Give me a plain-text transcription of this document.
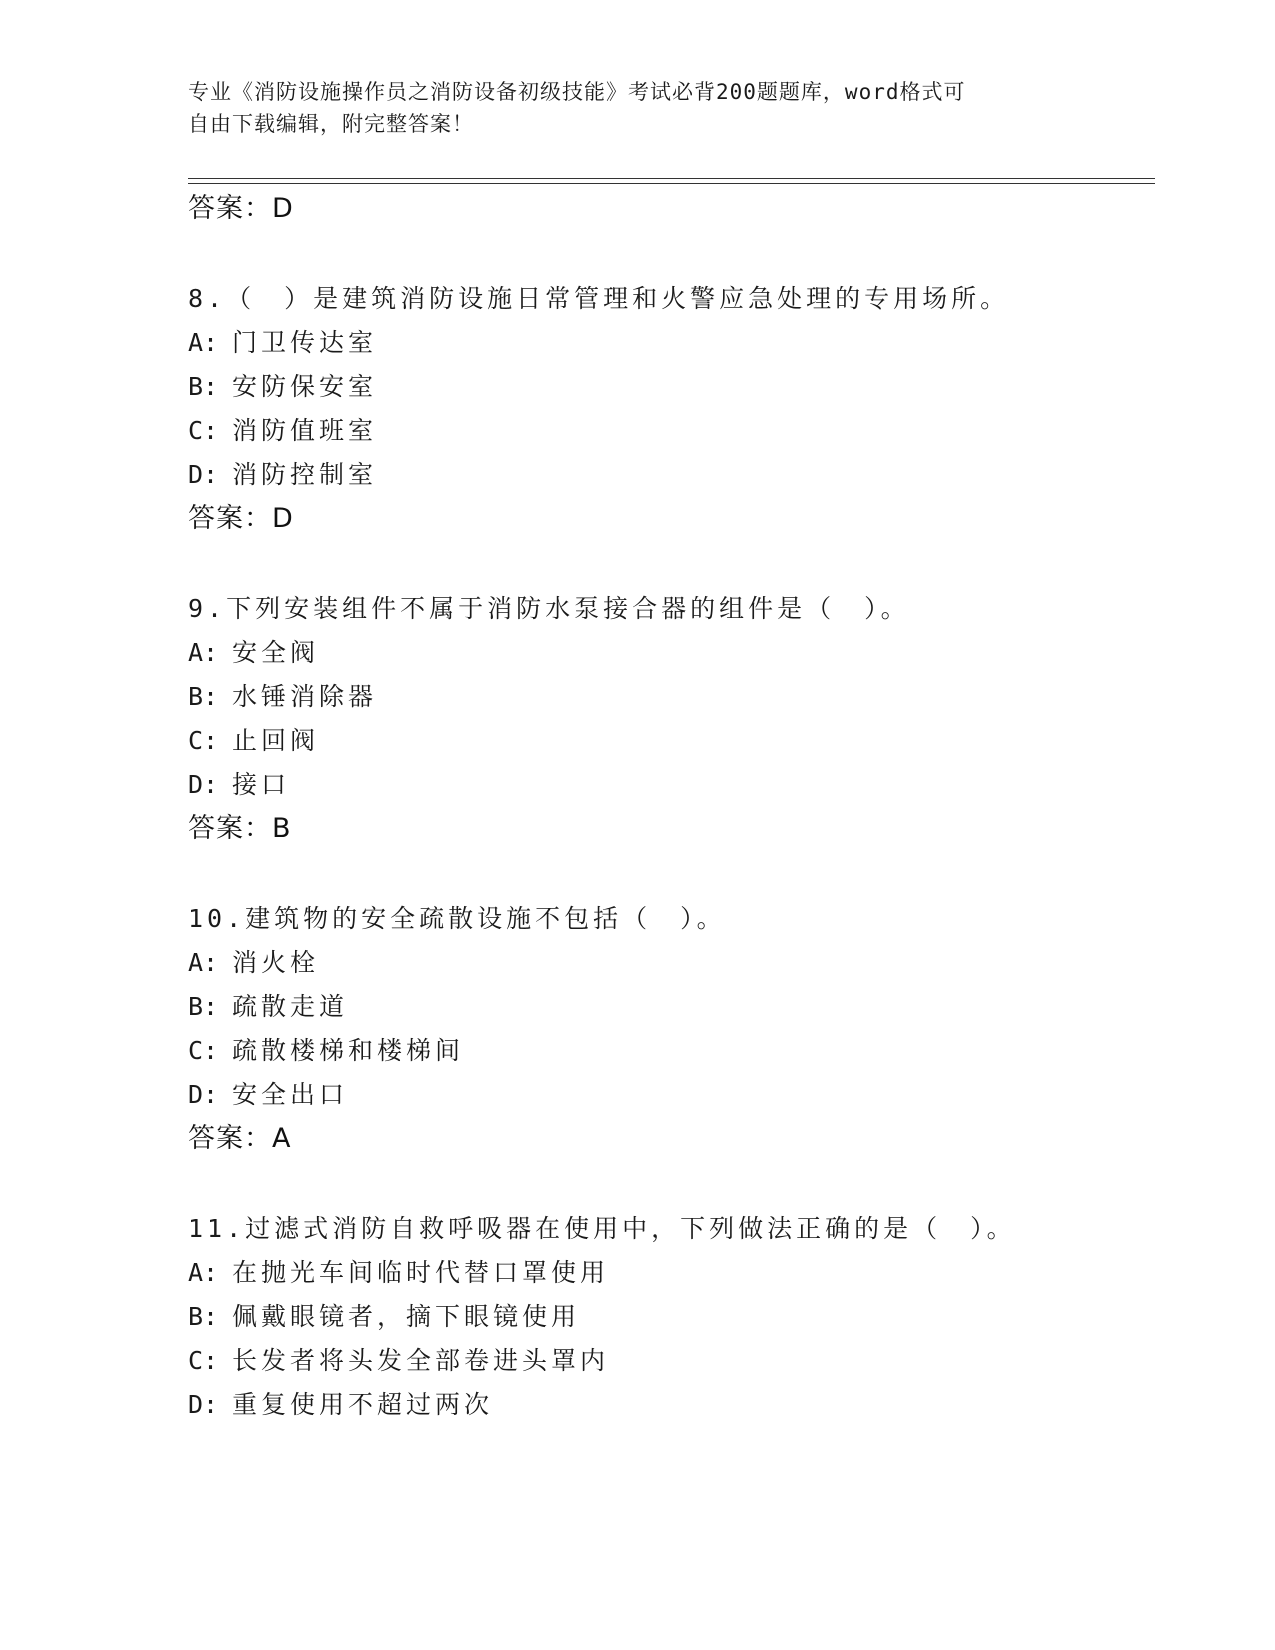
专业《消防设施操作员之消防设备初级技能》考试必背200题题库，word格式可
自由下载编辑，附完整答案！
答案：D
8.（　）是建筑消防设施日常管理和火警应急处理的专用场所。
A: 门卫传达室
B: 安防保安室
C: 消防值班室
D: 消防控制室
答案：D
9.下列安装组件不属于消防水泵接合器的组件是（　）。
A: 安全阀
B: 水锤消除器
C: 止回阀
D: 接口
答案：B
10.建筑物的安全疏散设施不包括（　）。
A: 消火栓
B: 疏散走道
C: 疏散楼梯和楼梯间
D: 安全出口
答案：A
11.过滤式消防自救呼吸器在使用中，下列做法正确的是（　）。
A: 在抛光车间临时代替口罩使用
B: 佩戴眼镜者，摘下眼镜使用
C: 长发者将头发全部卷进头罩内
D: 重复使用不超过两次
